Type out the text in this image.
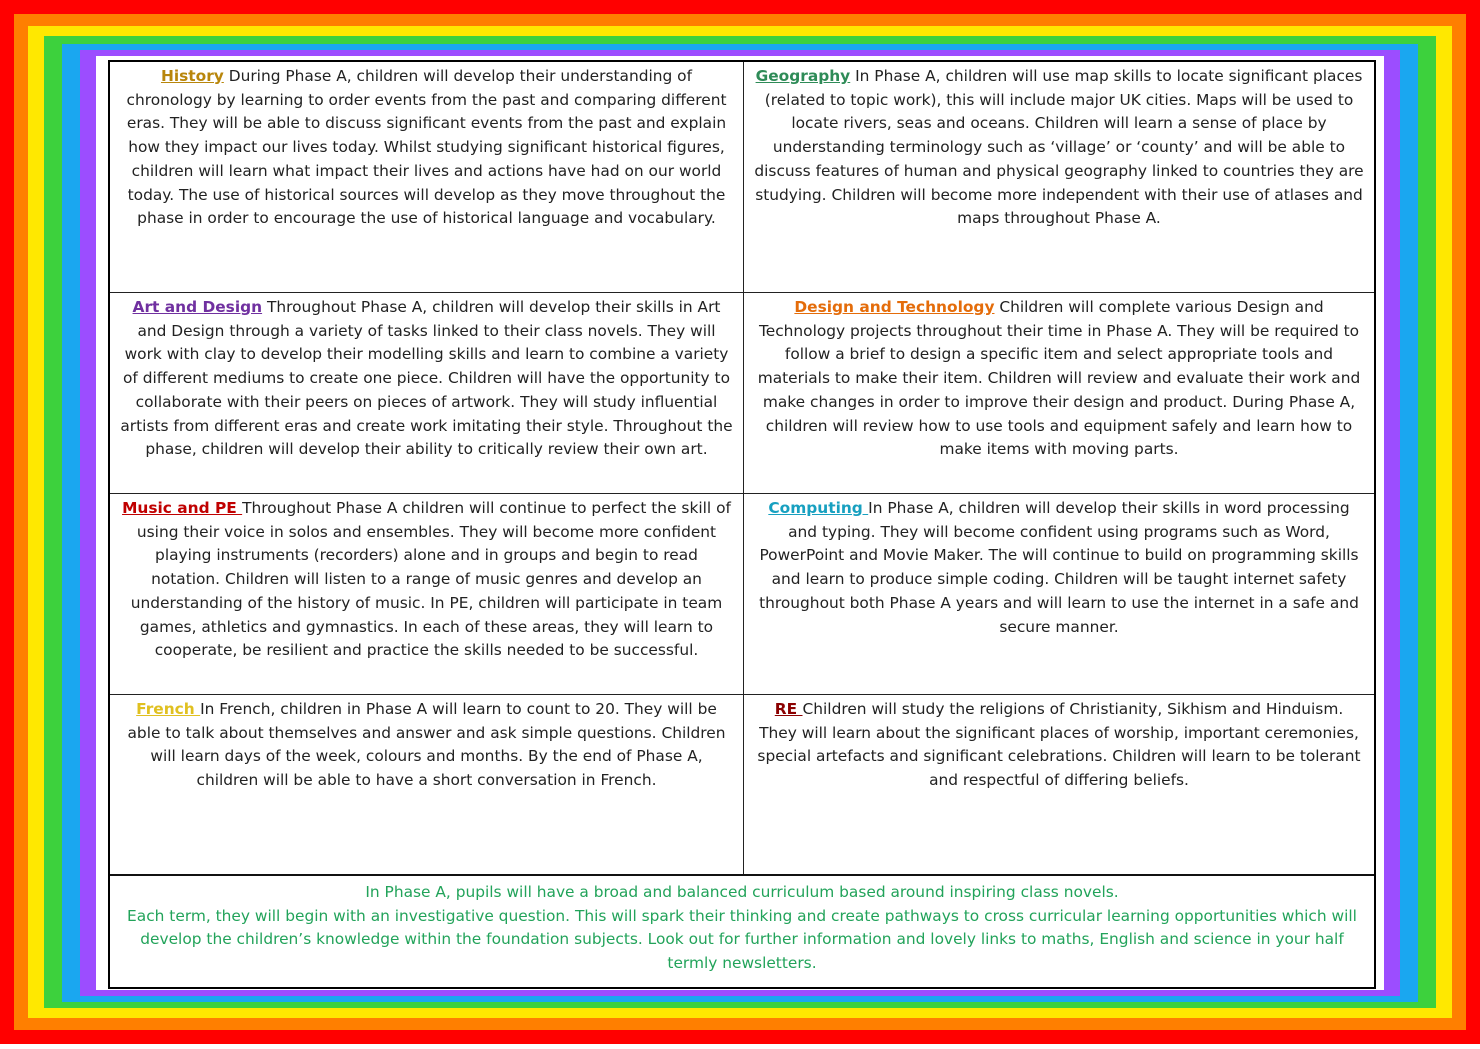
History During Phase A, children will develop their understanding of chronology by learning to order events from the past and comparing different eras. They will be able to discuss significant events from the past and explain how they impact our lives today. Whilst studying significant historical figures, children will learn what impact their lives and actions have had on our world today. The use of historical sources will develop as they move throughout the phase in order to encourage the use of historical language and vocabulary.
Geography In Phase A, children will use map skills to locate significant places (related to topic work), this will include major UK cities. Maps will be used to locate rivers, seas and oceans. Children will learn a sense of place by understanding terminology such as ‘village’ or ‘county’ and will be able to discuss features of human and physical geography linked to countries they are studying. Children will become more independent with their use of atlases and maps throughout Phase A.
Art and Design Throughout Phase A, children will develop their skills in Art and Design through a variety of tasks linked to their class novels. They will work with clay to develop their modelling skills and learn to combine a variety of different mediums to create one piece. Children will have the opportunity to collaborate with their peers on pieces of artwork. They will study influential artists from different eras and create work imitating their style. Throughout the phase, children will develop their ability to critically review their own art.
Design and Technology Children will complete various Design and Technology projects throughout their time in Phase A. They will be required to follow a brief to design a specific item and select appropriate tools and materials to make their item. Children will review and evaluate their work and make changes in order to improve their design and product. During Phase A, children will review how to use tools and equipment safely and learn how to make items with moving parts.
Music and PE Throughout Phase A children will continue to perfect the skill of using their voice in solos and ensembles. They will become more confident playing instruments (recorders) alone and in groups and begin to read notation. Children will listen to a range of music genres and develop an understanding of the history of music. In PE, children will participate in team games, athletics and gymnastics. In each of these areas, they will learn to cooperate, be resilient and practice the skills needed to be successful.
Computing In Phase A, children will develop their skills in word processing and typing. They will become confident using programs such as Word, PowerPoint and Movie Maker. The will continue to build on programming skills and learn to produce simple coding. Children will be taught internet safety throughout both Phase A years and will learn to use the internet in a safe and secure manner.
French In French, children in Phase A will learn to count to 20. They will be able to talk about themselves and answer and ask simple questions. Children will learn days of the week, colours and months. By the end of Phase A, children will be able to have a short conversation in French.
RE Children will study the religions of Christianity, Sikhism and Hinduism. They will learn about the significant places of worship, important ceremonies, special artefacts and significant celebrations. Children will learn to be tolerant and respectful of differing beliefs.
In Phase A, pupils will have a broad and balanced curriculum based around inspiring class novels.
Each term, they will begin with an investigative question. This will spark their thinking and create pathways to cross curricular learning opportunities which will develop the children’s knowledge within the foundation subjects. Look out for further information and lovely links to maths, English and science in your half termly newsletters.
